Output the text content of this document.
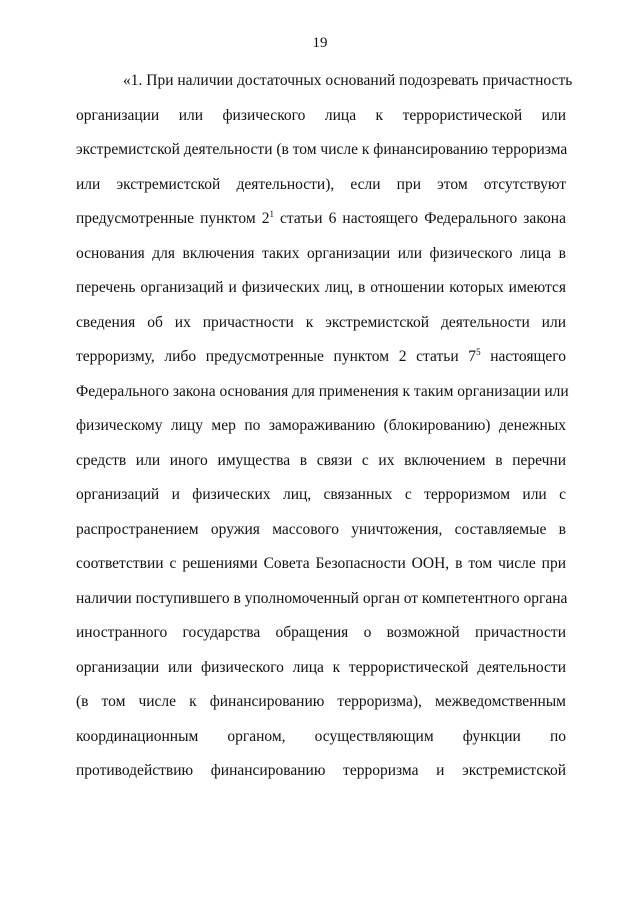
19
«1. При наличии достаточных оснований подозревать причастность
организации или физического лица к террористической или
экстремистской деятельности (в том числе к финансированию терроризма
или экстремистской деятельности), если при этом отсутствуют
предусмотренные пунктом $2^1$ статьи 6 настоящего Федерального закона
основания для включения таких организации или физического лица в
перечень организаций и физических лиц, в отношении которых имеются
сведения об их причастности к экстремистской деятельности или
терроризму, либо предусмотренные пунктом 2 статьи $7^5$ настоящего
Федерального закона основания для применения к таким организации или
физическому лицу мер по замораживанию (блокированию) денежных
средств или иного имущества в связи с их включением в перечни
организаций и физических лиц, связанных с терроризмом или с
распространением оружия массового уничтожения, составляемые в
соответствии с решениями Совета Безопасности ООН, в том числе при
наличии поступившего в уполномоченный орган от компетентного органа
иностранного государства обращения о возможной причастности
организации или физического лица к террористической деятельности
(в том числе к финансированию терроризма), межведомственным
координационным органом, осуществляющим функции по
противодействию финансированию терроризма и экстремистской
